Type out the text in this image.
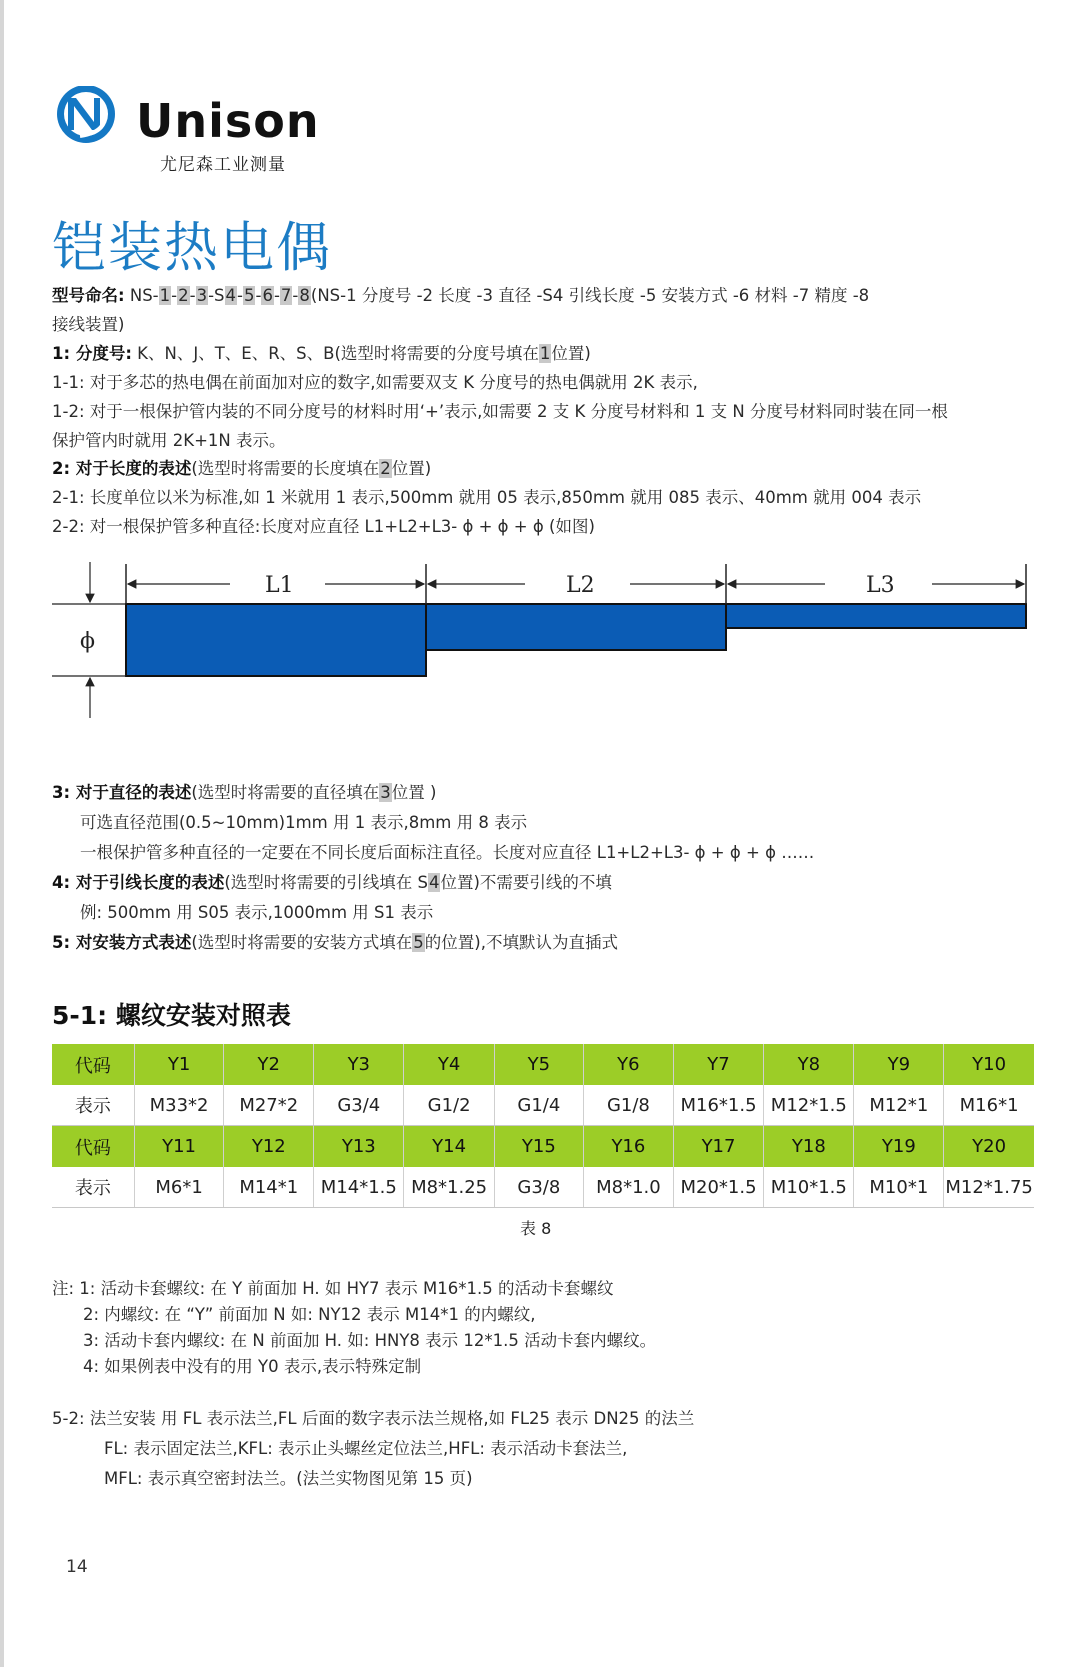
Unison
尤尼森工业测量
铠装热电偶
型号命名: NS-1-2-3-S4-5-6-7-8(NS-1 分度号 -2 长度 -3 直径 -S4 引线长度 -5 安装方式 -6 材料 -7 精度 -8
接线装置)
1: 分度号: K、N、J、T、E、R、S、B(选型时将需要的分度号填在1位置)
1-1: 对于多芯的热电偶在前面加对应的数字,如需要双支 K 分度号的热电偶就用 2K 表示,
1-2: 对于一根保护管内装的不同分度号的材料时用‘+’表示,如需要 2 支 K 分度号材料和 1 支 N 分度号材料同时装在同一根
保护管内时就用 2K+1N 表示。
2: 对于长度的表述(选型时将需要的长度填在2位置)
2-1: 长度单位以米为标准,如 1 米就用 1 表示,500mm 就用 05 表示,850mm 就用 085 表示、40mm 就用 004 表示
2-2: 对一根保护管多种直径:长度对应直径 L1+L2+L3- ϕ + ϕ + ϕ (如图)
L1	L2	L3
ϕ
3: 对于直径的表述(选型时将需要的直径填在3位置 )
可选直径范围(0.5~10mm)1mm 用 1 表示,8mm 用 8 表示
一根保护管多种直径的一定要在不同长度后面标注直径。长度对应直径 L1+L2+L3- ϕ + ϕ + ϕ ……
4: 对于引线长度的表述(选型时将需要的引线填在 S4位置)不需要引线的不填
例: 500mm 用 S05 表示,1000mm 用 S1 表示
5: 对安装方式表述(选型时将需要的安装方式填在5的位置),不填默认为直插式
5-1: 螺纹安装对照表
代码	Y1	Y2	Y3	Y4	Y5	Y6	Y7	Y8	Y9	Y10
表示	M33*2	M27*2	G3/4	G1/2	G1/4	G1/8	M16*1.5	M12*1.5	M12*1	M16*1
代码	Y11	Y12	Y13	Y14	Y15	Y16	Y17	Y18	Y19	Y20
表示	M6*1	M14*1	M14*1.5	M8*1.25	G3/8	M8*1.0	M20*1.5	M10*1.5	M10*1	M12*1.75
表 8
注: 1: 活动卡套螺纹: 在 Y 前面加 H. 如 HY7 表示 M16*1.5 的活动卡套螺纹
2: 内螺纹: 在 “Y” 前面加 N 如: NY12 表示 M14*1 的内螺纹,
3: 活动卡套内螺纹: 在 N 前面加 H. 如: HNY8 表示 12*1.5 活动卡套内螺纹。
4: 如果例表中没有的用 Y0 表示,表示特殊定制
5-2: 法兰安装 用 FL 表示法兰,FL 后面的数字表示法兰规格,如 FL25 表示 DN25 的法兰
FL: 表示固定法兰,KFL: 表示止头螺丝定位法兰,HFL: 表示活动卡套法兰,
MFL: 表示真空密封法兰。(法兰实物图见第 15 页)
14
